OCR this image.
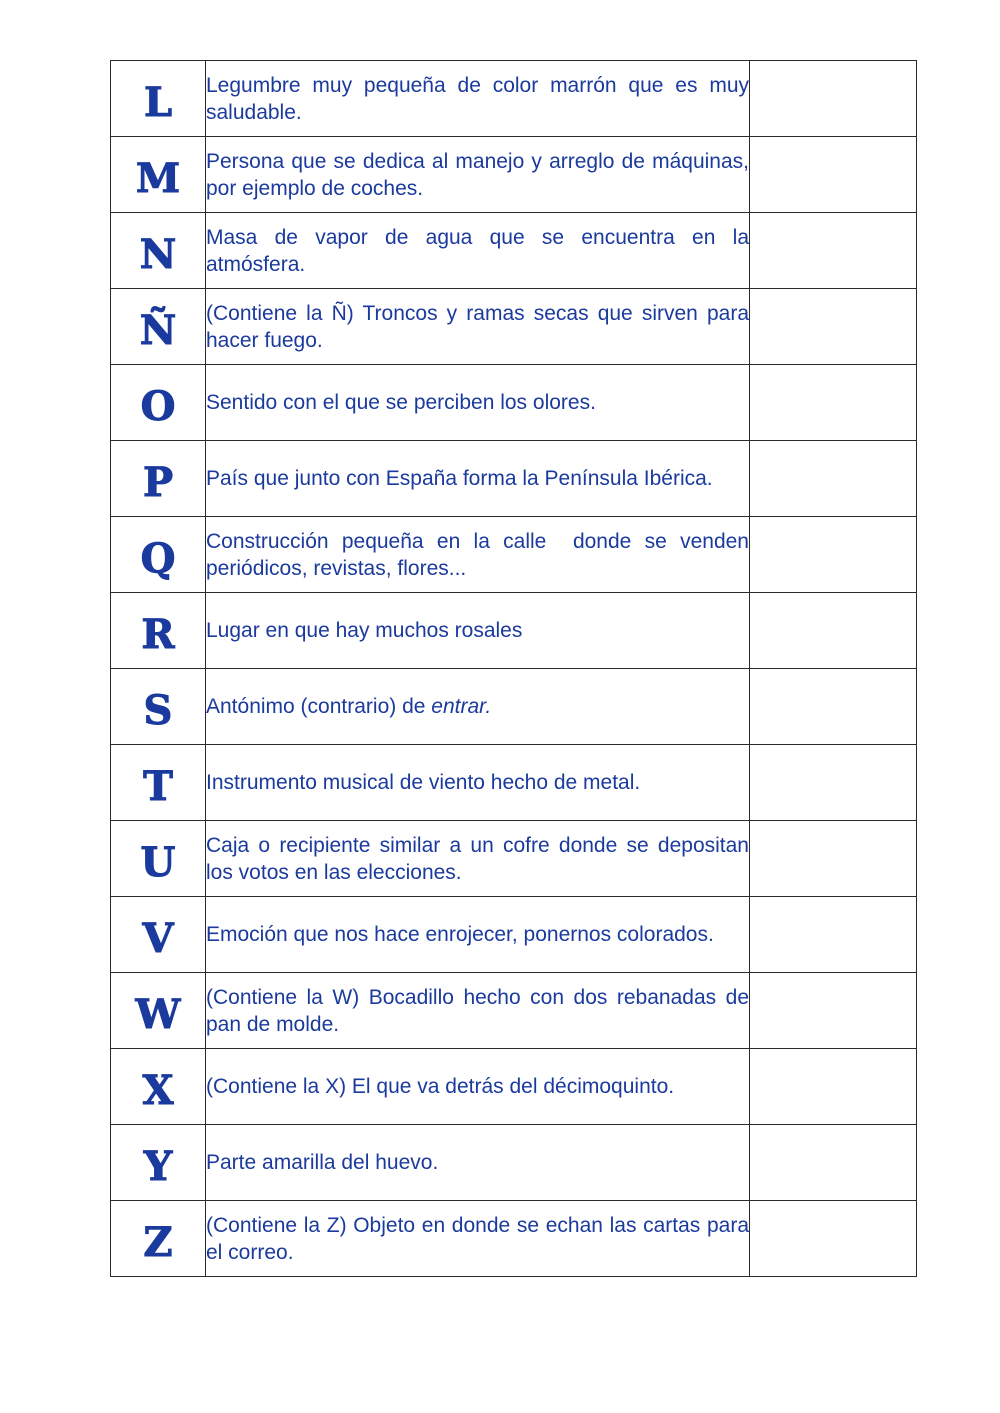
L	Legumbre muy pequeña de color marrón que es muy saludable.	

M	Persona que se dedica al manejo y arreglo de máquinas, por ejemplo de coches.	

N	Masa de vapor de agua que se encuentra en la atmósfera.	

Ñ	(Contiene la Ñ) Troncos y ramas secas que sirven para hacer fuego.	

O	Sentido con el que se perciben los olores.	

P	País que junto con España forma la Península Ibérica.	

Q	Construcción pequeña en la calle  donde se venden periódicos, revistas, flores...	

R	Lugar en que hay muchos rosales	

S	Antónimo (contrario) de entrar.	

T	Instrumento musical de viento hecho de metal.	

U	Caja o recipiente similar a un cofre donde se depositan los votos en las elecciones.	

V	Emoción que nos hace enrojecer, ponernos colorados.	

W	(Contiene la W) Bocadillo hecho con dos rebanadas de pan de molde.	

X	(Contiene la X) El que va detrás del décimoquinto.	

Y	Parte amarilla del huevo.	

Z	(Contiene la Z) Objeto en donde se echan las cartas para el correo.	
